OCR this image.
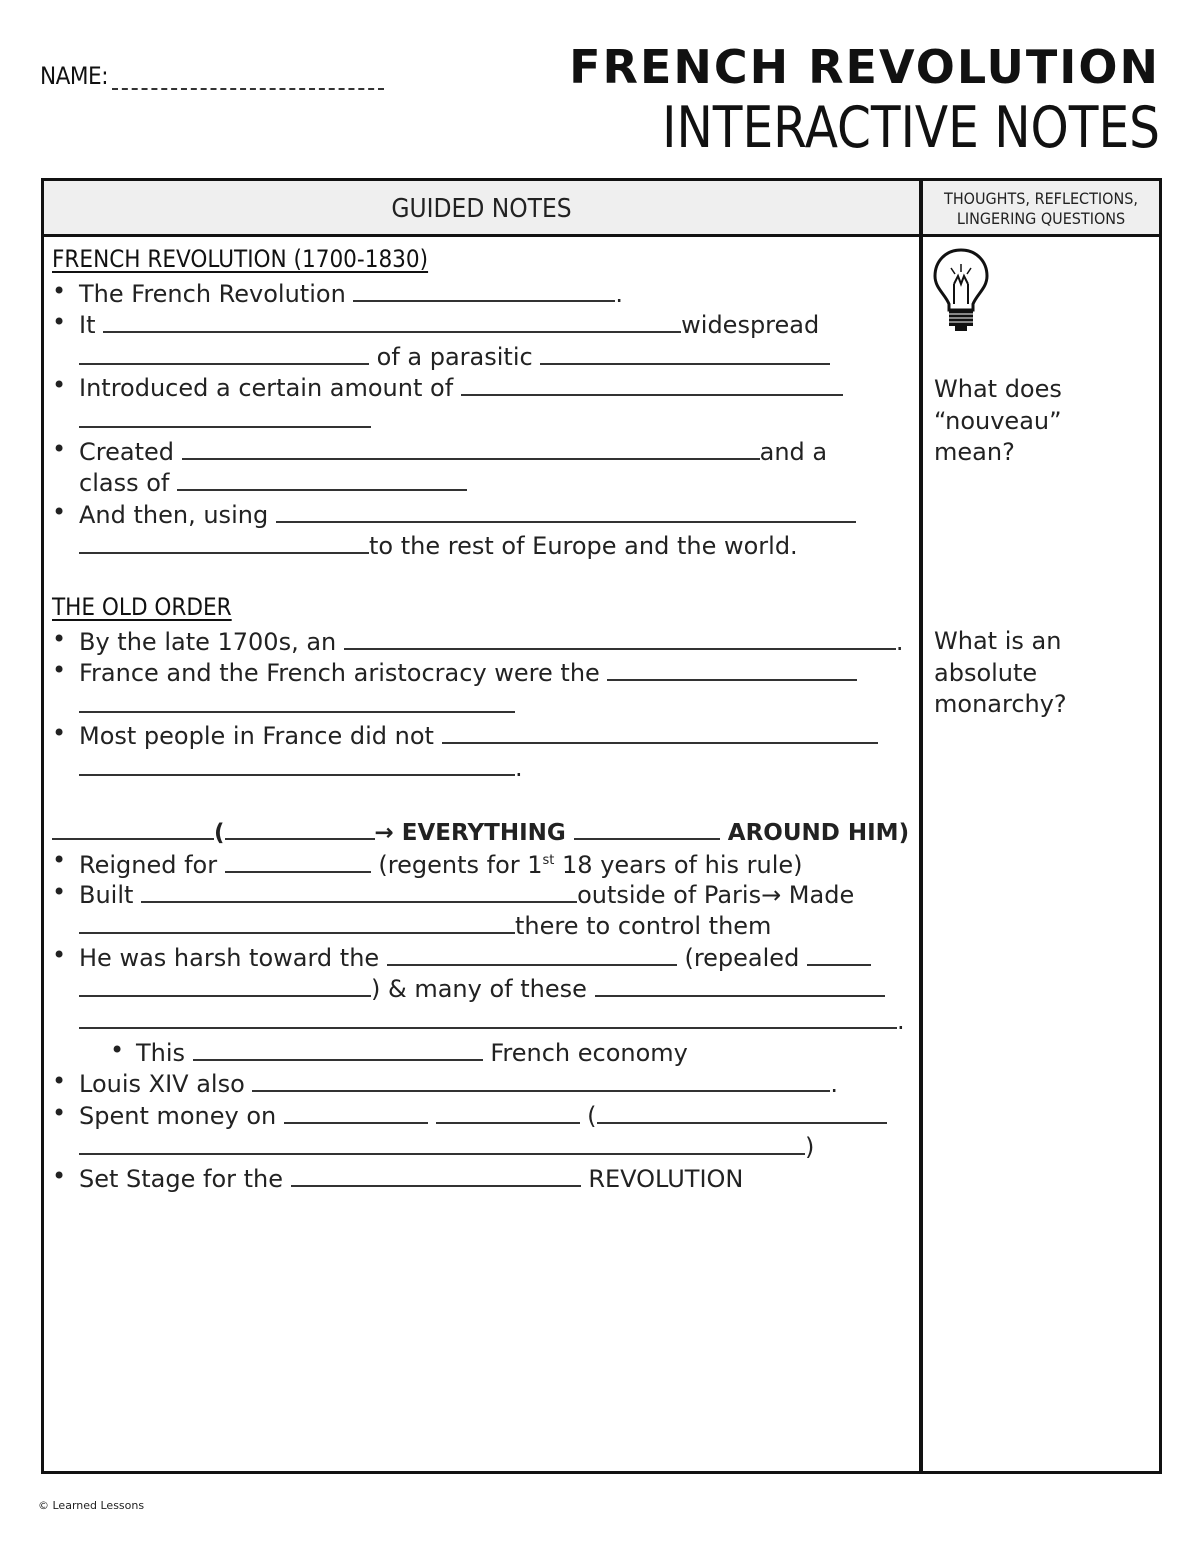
NAME:	FRENCH REVOLUTION
INTERACTIVE NOTES
GUIDED NOTES	THOUGHTS, REFLECTIONS,
LINGERING QUESTIONS
FRENCH REVOLUTION (1700-1830)
• The French Revolution	.
• It	widespread
of a parasitic
• Introduced a certain amount of
• Created	and a
class of
• And then, using
to the rest of Europe and the world.
THE OLD ORDER
• By the late 1700s, an	.
• France and the French aristocracy were the
• Most people in France did not
.
(	→ EVERYTHING	AROUND HIM)
• Reigned for	(regents for 1st 18 years of his rule)
• Built	outside of Paris→ Made
there to control them
• He was harsh toward the	(repealed
) & many of these
.
• This	French economy
• Louis XIV also	.
• Spent money on	(
)
• Set Stage for the	REVOLUTION
What does
“nouveau”
mean?
What is an
absolute
monarchy?
© Learned Lessons
